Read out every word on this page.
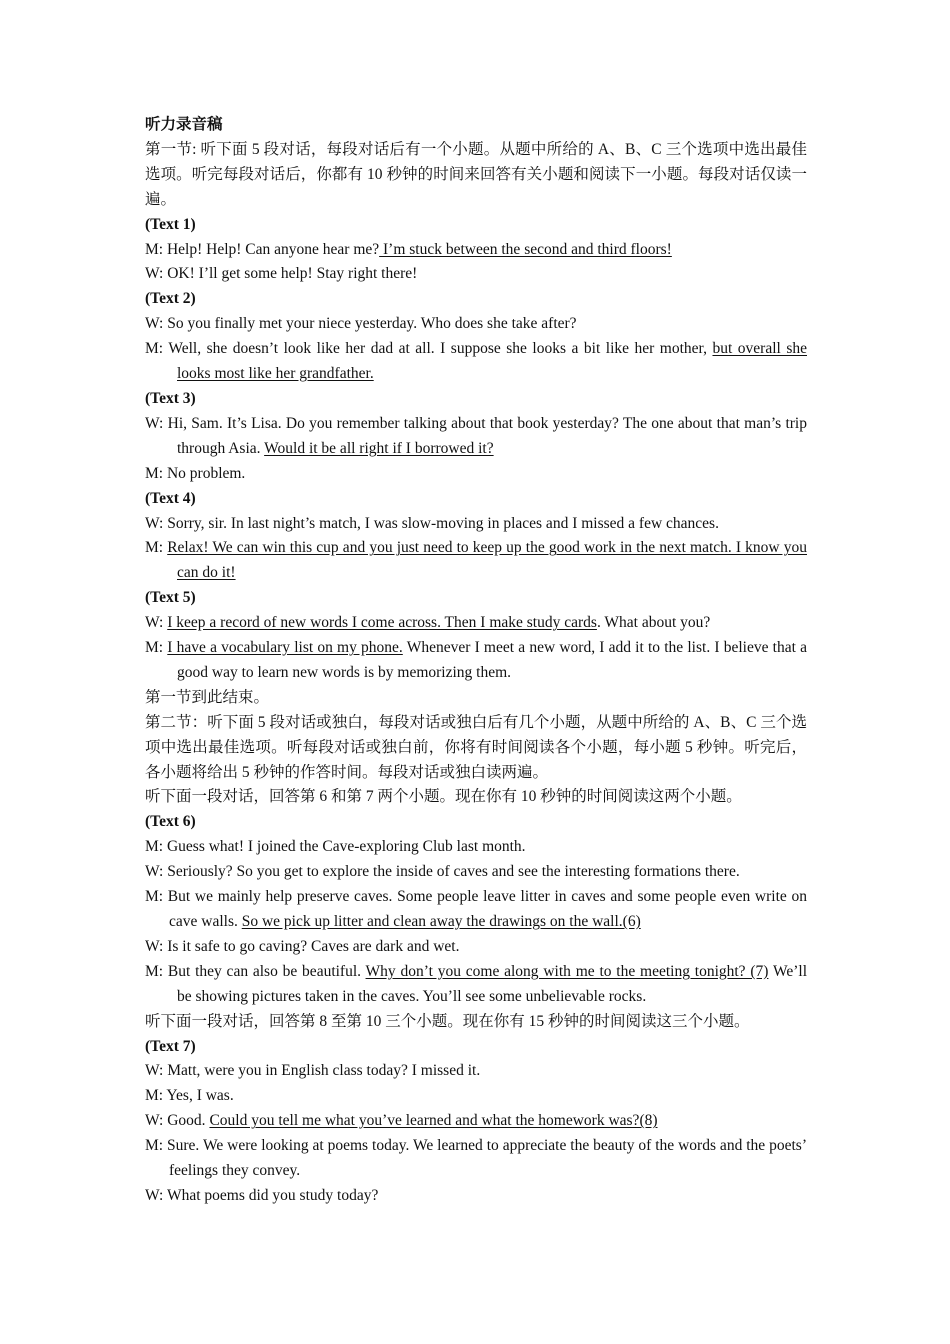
听力录音稿
第一节: 听下面 5 段对话，每段对话后有一个小题。从题中所给的 A、B、C 三个选项中选出最佳选项。听完每段对话后，你都有 10 秒钟的时间来回答有关小题和阅读下一小题。每段对话仅读一遍。
(Text 1)
M: Help! Help! Can anyone hear me? I’m stuck between the second and third floors!
W: OK! I’ll get some help! Stay right there!
(Text 2)
W: So you finally met your niece yesterday. Who does she take after?
M: Well, she doesn’t look like her dad at all. I suppose she looks a bit like her mother, but overall she looks most like her grandfather.
(Text 3)
W: Hi, Sam. It’s Lisa. Do you remember talking about that book yesterday? The one about that man’s trip through Asia. Would it be all right if I borrowed it?
M: No problem.
(Text 4)
W: Sorry, sir. In last night’s match, I was slow-moving in places and I missed a few chances.
M: Relax! We can win this cup and you just need to keep up the good work in the next match. I know you can do it!
(Text 5)
W: I keep a record of new words I come across. Then I make study cards. What about you?
M: I have a vocabulary list on my phone. Whenever I meet a new word, I add it to the list. I believe that a good way to learn new words is by memorizing them.
第一节到此结束。
第二节：听下面 5 段对话或独白，每段对话或独白后有几个小题，从题中所给的 A、B、C 三个选项中选出最佳选项。听每段对话或独白前，你将有时间阅读各个小题，每小题 5 秒钟。听完后，各小题将给出 5 秒钟的作答时间。每段对话或独白读两遍。
听下面一段对话，回答第 6 和第 7 两个小题。现在你有 10 秒钟的时间阅读这两个小题。
(Text 6)
M: Guess what! I joined the Cave-exploring Club last month.
W: Seriously? So you get to explore the inside of caves and see the interesting formations there.
M: But we mainly help preserve caves. Some people leave litter in caves and some people even write on cave walls. So we pick up litter and clean away the drawings on the wall.(6)
W: Is it safe to go caving? Caves are dark and wet.
M: But they can also be beautiful. Why don’t you come along with me to the meeting tonight? (7) We’ll be showing pictures taken in the caves. You’ll see some unbelievable rocks.
听下面一段对话，回答第 8 至第 10 三个小题。现在你有 15 秒钟的时间阅读这三个小题。
(Text 7)
W: Matt, were you in English class today? I missed it.
M: Yes, I was.
W: Good. Could you tell me what you’ve learned and what the homework was?(8)
M: Sure. We were looking at poems today. We learned to appreciate the beauty of the words and the poets’ feelings they convey.
W: What poems did you study today?
